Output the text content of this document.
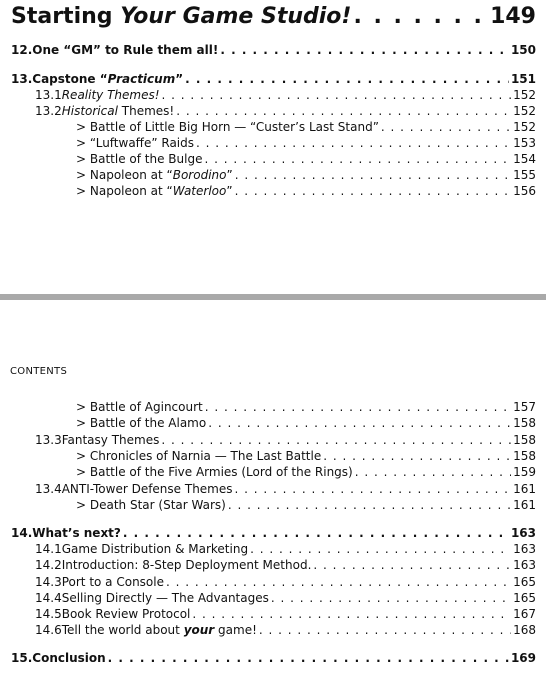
Starting Your Game Studio! . . .	149
12. One “GM” to Rule them all! . . .	150
13. Capstone “Practicum” . . .	151
13.1 Reality Themes! . . .	152
13.2 Historical Themes! . . .	152
> Battle of Little Big Horn — “Custer’s Last Stand” . . .	152
> “Luftwaffe” Raids . . .	153
> Battle of the Bulge . . .	154
> Napoleon at “Borodino” . . .	155
> Napoleon at “Waterloo” . . .	156
CONTENTS
> Battle of Agincourt . . .	157
> Battle of the Alamo . . .	158
13.3 Fantasy Themes . . .	158
> Chronicles of Narnia — The Last Battle . . .	158
> Battle of the Five Armies (Lord of the Rings) . . .	159
13.4 ANTI-Tower Defense Themes . . .	161
> Death Star (Star Wars) . . .	161
14. What’s next? . . .	163
14.1 Game Distribution & Marketing . . .	163
14.2 Introduction: 8-Step Deployment Method. . . .	163
14.3 Port to a Console . . .	165
14.4 Selling Directly — The Advantages . . .	165
14.5 Book Review Protocol . . .	167
14.6 Tell the world about your game! . . .	168
15. Conclusion . . .	169
